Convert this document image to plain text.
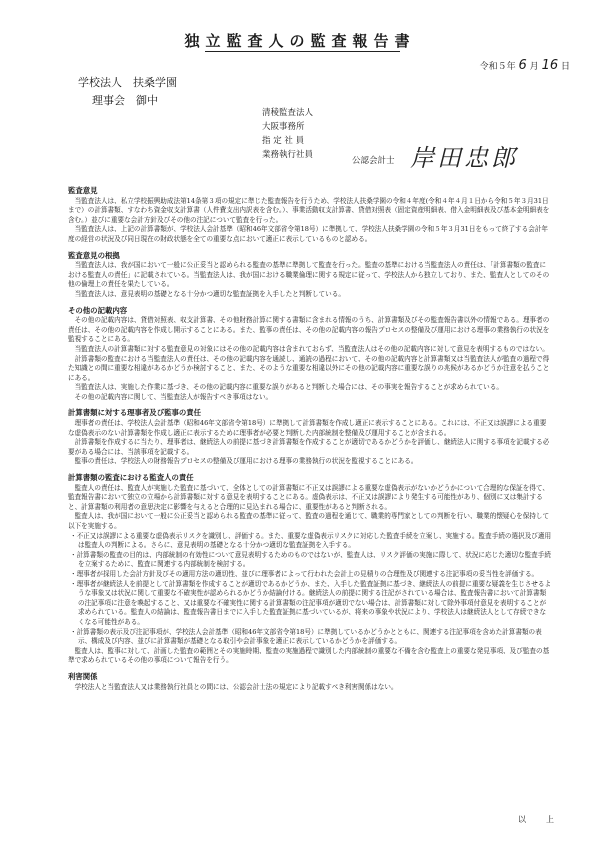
独立監査人の監査報告書
令和５年 6 月 16 日
学校法人　扶桑学園
理事会　御中
清稜監査法人
大阪事務所
指 定 社 員
業務執行社員
公認会計士 岸田忠郎
監査意見

当監査法人は、私立学校振興助成法第14条第３項の規定に準じた監査報告を行うため、学校法人扶桑学園の令和４年度(令和４年４月１日から令和５年３月31日まで）の計算書類、すなわち資金収支計算書（人件費支出内訳表を含む。）、事業活動収支計算書、貸借対照表（固定資産明細表、借入金明細表及び基本金明細表を含む。）並びに重要な会計方針及びその他の注記について監査を行った。

当監査法人は、上記の計算書類が、学校法人会計基準（昭和46年文部省令第18号）に準拠して、学校法人扶桑学園の令和５年３月31日をもって終了する会計年度の経営の状況及び同日現在の財政状態を全ての重要な点において適正に表示しているものと認める。

監査意見の根拠

当監査法人は、我が国において一般に公正妥当と認められる監査の基準に準拠して監査を行った。監査の基準における当監査法人の責任は、「計算書類の監査における監査人の責任」に記載されている。当監査法人は、我が国における職業倫理に関する規定に従って、学校法人から独立しており、また、監査人としてのその他の倫理上の責任を果たしている。

当監査法人は、意見表明の基礎となる十分かつ適切な監査証拠を入手したと判断している。

その他の記載内容

その他の記載内容は、貸借対照表、収支計算書、その他財務計算に関する書類に含まれる情報のうち、計算書類及びその監査報告書以外の情報である。理事者の責任は、その他の記載内容を作成し開示することにある。また、監事の責任は、その他の記載内容の報告プロセスの整備及び運用における理事の業務執行の状況を監視することにある。

当監査法人の計算書類に対する監査意見の対象にはその他の記載内容は含まれておらず、当監査法人はその他の記載内容に対して意見を表明するものではない。

計算書類の監査における当監査法人の責任は、その他の記載内容を通読し、通読の過程において、その他の記載内容と計算書類又は当監査法人が監査の過程で得た知識との間に重要な相違があるかどうか検討すること、また、そのような重要な相違以外にその他の記載内容に重要な誤りの兆候があるかどうか注意を払うことにある。

当監査法人は、実施した作業に基づき、その他の記載内容に重要な誤りがあると判断した場合には、その事実を報告することが求められている。

その他の記載内容に関して、当監査法人が報告すべき事項はない。

計算書類に対する理事者及び監事の責任

理事者の責任は、学校法人会計基準（昭和46年文部省令第18号）に準拠して計算書類を作成し適正に表示することにある。これには、不正又は誤謬による重要な虚偽表示のない計算書類を作成し適正に表示するために理事者が必要と判断した内部統制を整備及び運用することが含まれる。

計算書類を作成するに当たり、理事者は、継続法人の前提に基づき計算書類を作成することが適切であるかどうかを評価し、継続法人に関する事項を記載する必要がある場合には、当該事項を記載する。

監事の責任は、学校法人の財務報告プロセスの整備及び運用における理事の業務執行の状況を監視することにある。

計算書類の監査における監査人の責任

監査人の責任は、監査人が実施した監査に基づいて、全体としての計算書類に不正又は誤謬による重要な虚偽表示がないかどうかについて合理的な保証を得て、監査報告書において独立の立場から計算書類に対する意見を表明することにある。虚偽表示は、不正又は誤謬により発生する可能性があり、個別に又は集計すると、計算書類の利用者の意思決定に影響を与えると合理的に見込まれる場合に、重要性があると判断される。

監査人は、我が国において一般に公正妥当と認められる監査の基準に従って、監査の過程を通じて、職業的専門家としての判断を行い、職業的懐疑心を保持して以下を実施する。

・不正又は誤謬による重要な虚偽表示リスクを識別し、評価する。また、重要な虚偽表示リスクに対応した監査手続を立案し、実施する。監査手続の選択及び適用は監査人の判断による。さらに、意見表明の基礎となる十分かつ適切な監査証拠を入手する。

・計算書類の監査の目的は、内部統制の有効性について意見表明するためのものではないが、監査人は、リスク評価の実施に際して、状況に応じた適切な監査手続を立案するために、監査に関連する内部統制を検討する。

・理事者が採用した会計方針及びその適用方法の適切性、並びに理事者によって行われた会計上の見積りの合理性及び関連する注記事項の妥当性を評価する。

・理事者が継続法人を前提として計算書類を作成することが適切であるかどうか、また、入手した監査証拠に基づき、継続法人の前提に重要な疑義を生じさせるような事象又は状況に関して重要な不確実性が認められるかどうか結論付ける。継続法人の前提に関する注記がされている場合は、監査報告書において計算書類の注記事項に注意を喚起すること、又は重要な不確実性に関する計算書類の注記事項が適切でない場合は、計算書類に対して除外事項付意見を表明することが求められている。監査人の結論は、監査報告書日までに入手した監査証拠に基づいているが、将来の事象や状況により、学校法人は継続法人として存続できなくなる可能性がある。

・計算書類の表示及び注記事項が、学校法人会計基準（昭和46年文部省令第18号）に準拠しているかどうかとともに、関連する注記事項を含めた計算書類の表示、構成及び内容、並びに計算書類が基礎となる取引や会計事象を適正に表示しているかどうかを評価する。

監査人は、監事に対して、計画した監査の範囲とその実施時期、監査の実施過程で識別した内部統制の重要な不備を含む監査上の重要な発見事項、及び監査の基準で求められているその他の事項について報告を行う。

利害関係

学校法人と当監査法人又は業務執行社員との間には、公認会計士法の規定により記載すべき利害関係はない。

以　上
